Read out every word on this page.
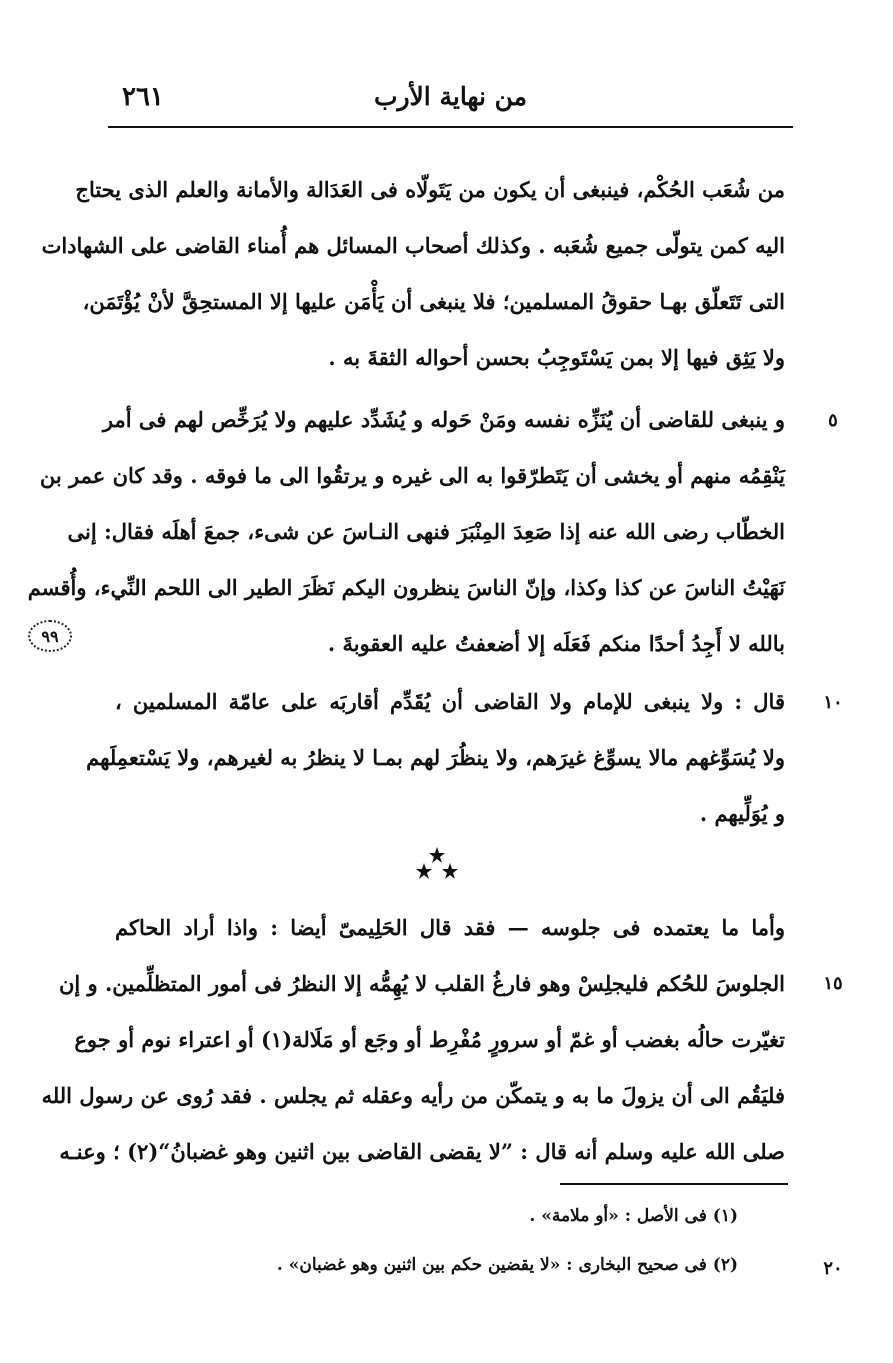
من نهاية الأرب
٢٦١
من شُعَب الحُكْم، فينبغى أن يكون من يَتَولّاه فى العَدَالة والأمانة والعلم الذى يحتاج
اليه كمن يتولّى جميع شُعَبه . وكذلك أصحاب المسائل هم أُمناء القاضى على الشهادات
التى تَتَعلّق بهـا حقوقُ المسلمين؛ فلا ينبغى أن يَأْمَن عليها إلا المستحِقَّ لأنْ يُؤْتَمَن،
ولا يَثِق فيها إلا بمن يَسْتَوجِبُ بحسن أحواله الثقةَ به .
و ينبغى للقاضى أن يُنَزِّه نفسه ومَنْ حَوله و يُشَدِّد عليهم ولا يُرَخِّص لهم فى أمر
يَنْقِمُه منهم أو يخشى أن يَتَطرّقوا به الى غيره و يرتقُوا الى ما فوقه . وقد كان عمر بن
الخطّاب رضى الله عنه إذا صَعِدَ المِنْبَرَ فنهى النـاسَ عن شىء، جمعَ أهلَه فقال: إنى
نَهَيْتُ الناسَ عن كذا وكذا، وإنّ الناسَ ينظرون اليكم نَظَرَ الطير الى اللحم النِّيء، وأُقسم
بالله لا أَجِدُ أحدًا منكم فَعَلَه إلا أضعفتُ عليه العقوبةَ .
قال : ولا ينبغى للإمام ولا القاضى أن يُقَدِّم أقاربَه على عامّة المسلمين ،
ولا يُسَوِّغهم مالا يسوِّغ غيرَهم، ولا ينظُرَ لهم بمـا لا ينظرُ به لغيرهم، ولا يَسْتعمِلَهم
و يُوَلِّيهم .
وأما ما يعتمده فى جلوسه — فقد قال الحَلِيمىّ أيضا : واذا أراد الحاكم
الجلوسَ للحُكم فليجلِسْ وهو فارغُ القلب لا يُهِمُّه إلا النظرُ فى أمور المتظلِّمين. و إن
تغيّرت حالُه بغضب أو غمّ أو سرورٍ مُفْرِط أو وجَع أو مَلَالة(١) أو اعتراء نوم أو جوع
فليَقُم الى أن يزولَ ما به و يتمكّن من رأيه وعقله ثم يجلس . فقد رُوى عن رسول الله
صلى الله عليه وسلم أنه قال : ”لا يقضى القاضى بين اثنين وهو غضبانُ“(٢) ؛ وعنـه
٥
١٠
١٥
٢٠
٩٩
(١) فى الأصل : «أو ملامة» .
(٢) فى صحيح البخارى : «لا يقضين حكم بين اثنين وهو غضبان» .
